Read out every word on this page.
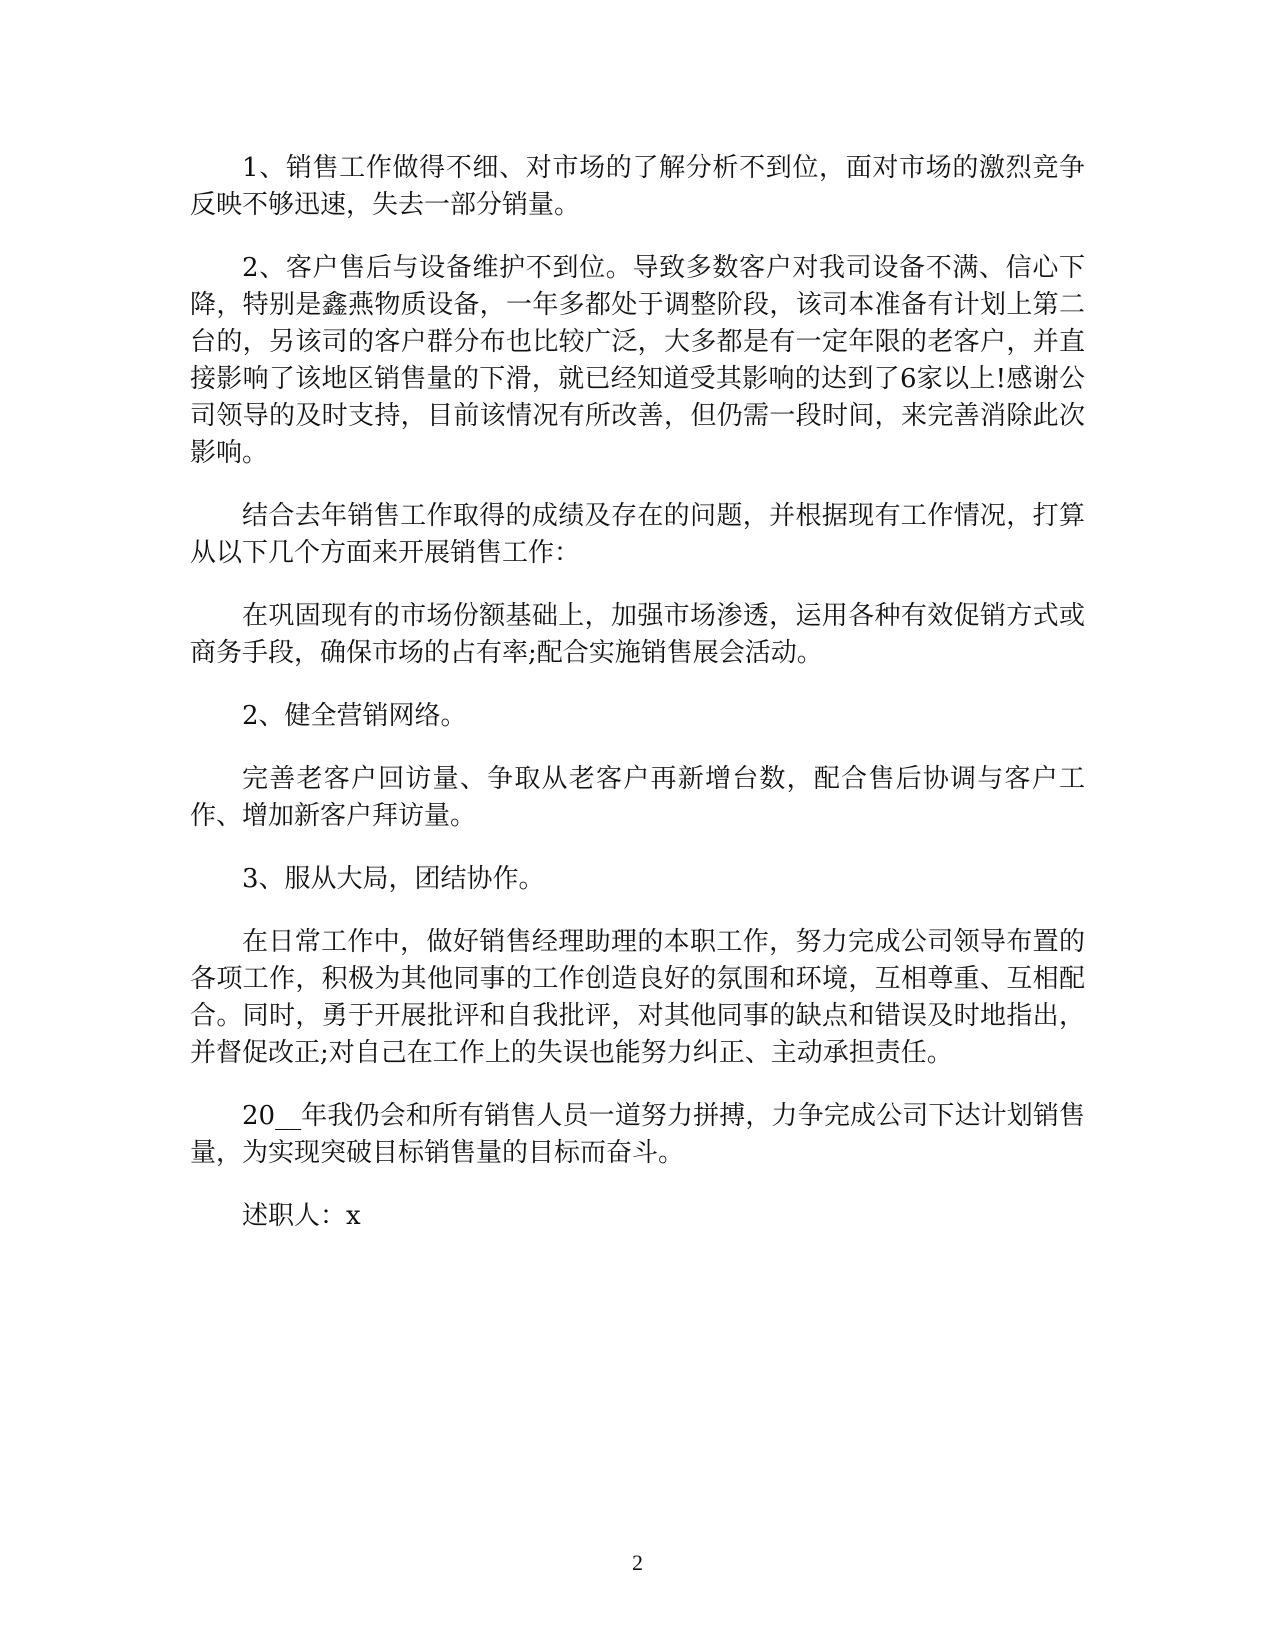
1、销售工作做得不细、对市场的了解分析不到位，面对市场的激烈竞争反映不够迅速，失去一部分销量。

2、客户售后与设备维护不到位。导致多数客户对我司设备不满、信心下降，特别是鑫燕物质设备，一年多都处于调整阶段，该司本准备有计划上第二台的，另该司的客户群分布也比较广泛，大多都是有一定年限的老客户，并直接影响了该地区销售量的下滑，就已经知道受其影响的达到了6家以上!感谢公司领导的及时支持，目前该情况有所改善，但仍需一段时间，来完善消除此次影响。

结合去年销售工作取得的成绩及存在的问题，并根据现有工作情况，打算从以下几个方面来开展销售工作：

在巩固现有的市场份额基础上，加强市场渗透，运用各种有效促销方式或商务手段，确保市场的占有率;配合实施销售展会活动。

2、健全营销网络。

完善老客户回访量、争取从老客户再新增台数，配合售后协调与客户工作、增加新客户拜访量。

3、服从大局，团结协作。

在日常工作中，做好销售经理助理的本职工作，努力完成公司领导布置的各项工作，积极为其他同事的工作创造良好的氛围和环境，互相尊重、互相配合。同时，勇于开展批评和自我批评，对其他同事的缺点和错误及时地指出，并督促改正;对自己在工作上的失误也能努力纠正、主动承担责任。

20__年我仍会和所有销售人员一道努力拼搏，力争完成公司下达计划销售量，为实现突破目标销售量的目标而奋斗。

述职人：x

2
